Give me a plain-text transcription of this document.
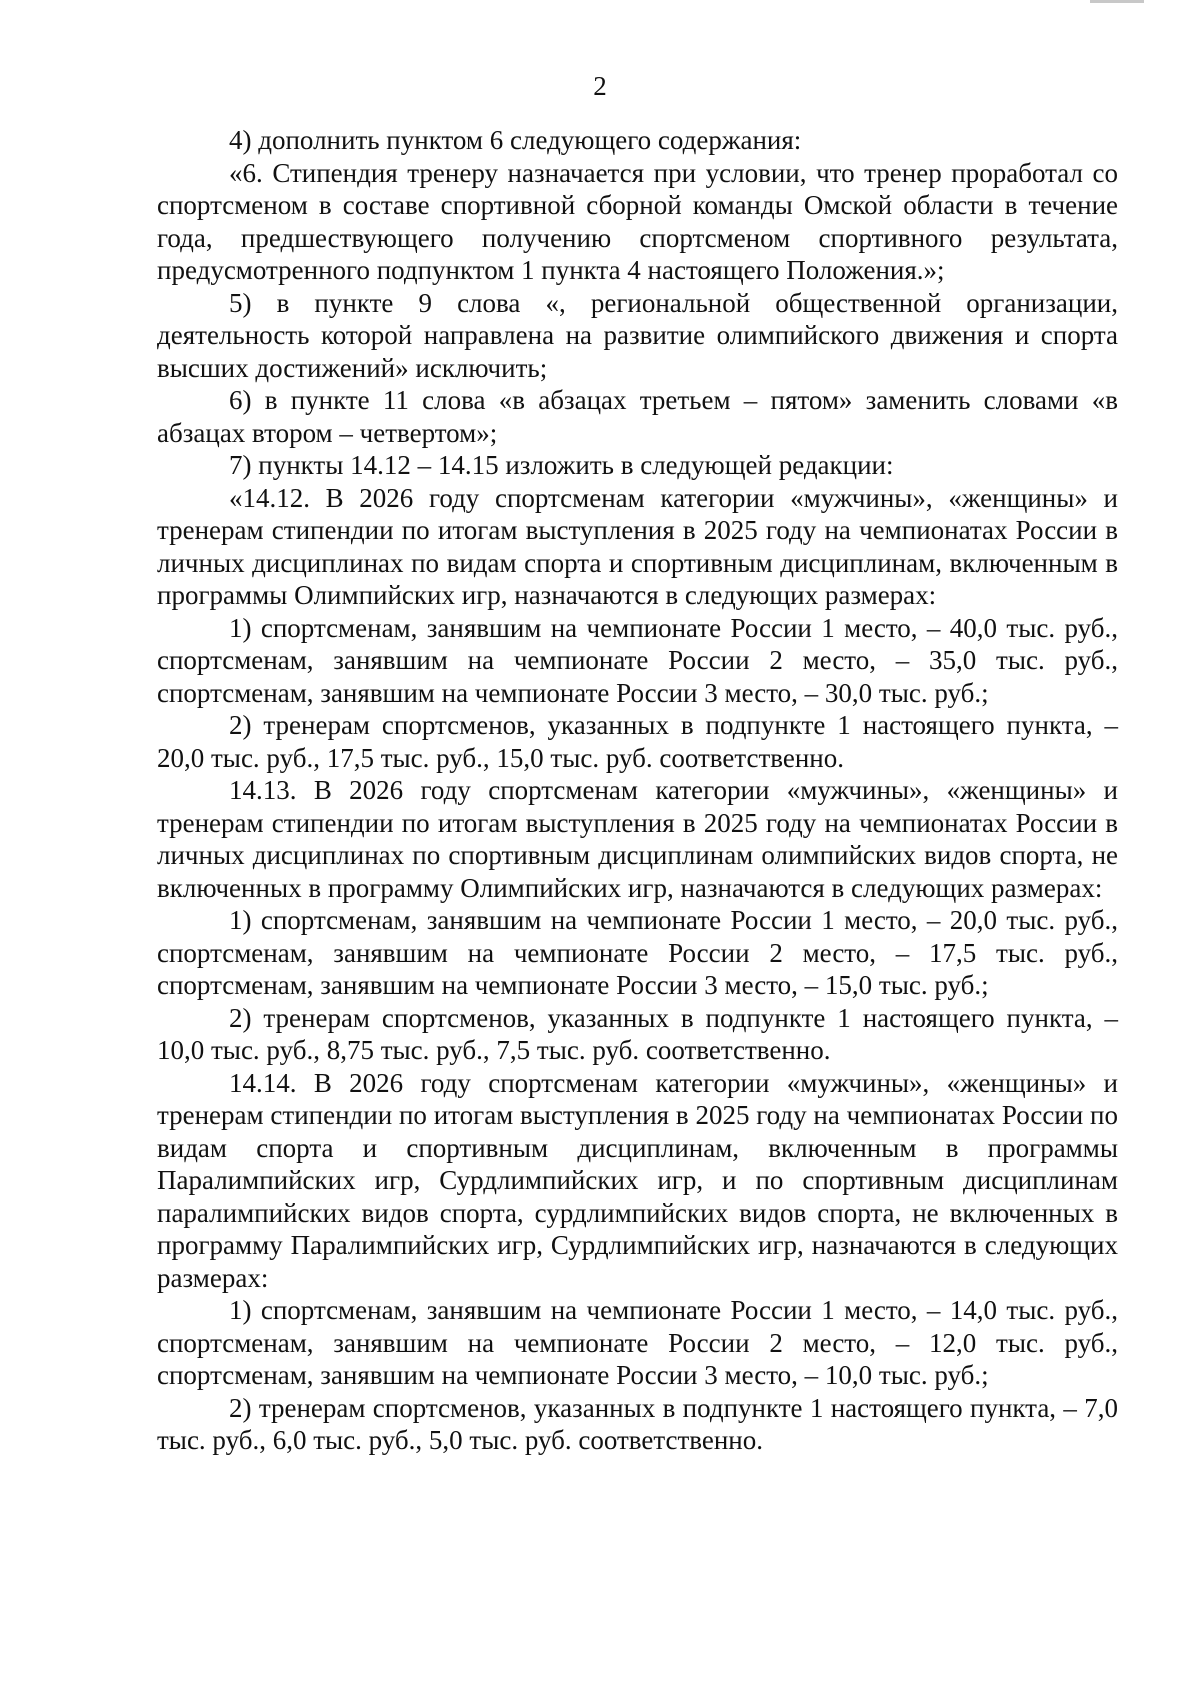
2

4) дополнить пунктом 6 следующего содержания:

«6. Стипендия тренеру назначается при условии, что тренер проработал со спортсменом в составе спортивной сборной команды Омской области в течение года, предшествующего получению спортсменом спортивного результата, предусмотренного подпунктом 1 пункта 4 настоящего Положения.»;

5) в пункте 9 слова «, региональной общественной организации, деятельность которой направлена на развитие олимпийского движения и спорта высших достижений» исключить;

6) в пункте 11 слова «в абзацах третьем – пятом» заменить словами «в абзацах втором – четвертом»;

7) пункты 14.12 – 14.15 изложить в следующей редакции:

«14.12. В 2026 году спортсменам категории «мужчины», «женщины» и тренерам стипендии по итогам выступления в 2025 году на чемпионатах России в личных дисциплинах по видам спорта и спортивным дисциплинам, включенным в программы Олимпийских игр, назначаются в следующих размерах:

1) спортсменам, занявшим на чемпионате России 1 место, – 40,0 тыс. руб., спортсменам, занявшим на чемпионате России 2 место, – 35,0 тыс. руб., спортсменам, занявшим на чемпионате России 3 место, – 30,0 тыс. руб.;

2) тренерам спортсменов, указанных в подпункте 1 настоящего пункта, – 20,0 тыс. руб., 17,5 тыс. руб., 15,0 тыс. руб. соответственно.

14.13. В 2026 году спортсменам категории «мужчины», «женщины» и тренерам стипендии по итогам выступления в 2025 году на чемпионатах России в личных дисциплинах по спортивным дисциплинам олимпийских видов спорта, не включенных в программу Олимпийских игр, назначаются в следующих размерах:

1) спортсменам, занявшим на чемпионате России 1 место, – 20,0 тыс. руб., спортсменам, занявшим на чемпионате России 2 место, – 17,5 тыс. руб., спортсменам, занявшим на чемпионате России 3 место, – 15,0 тыс. руб.;

2) тренерам спортсменов, указанных в подпункте 1 настоящего пункта, – 10,0 тыс. руб., 8,75 тыс. руб., 7,5 тыс. руб. соответственно.

14.14. В 2026 году спортсменам категории «мужчины», «женщины» и тренерам стипендии по итогам выступления в 2025 году на чемпионатах России по видам спорта и спортивным дисциплинам, включенным в программы Паралимпийских игр, Сурдлимпийских игр, и по спортивным дисциплинам паралимпийских видов спорта, сурдлимпийских видов спорта, не включенных в программу Паралимпийских игр, Сурдлимпийских игр, назначаются в следующих размерах:

1) спортсменам, занявшим на чемпионате России 1 место, – 14,0 тыс. руб., спортсменам, занявшим на чемпионате России 2 место, – 12,0 тыс. руб., спортсменам, занявшим на чемпионате России 3 место, – 10,0 тыс. руб.;

2) тренерам спортсменов, указанных в подпункте 1 настоящего пункта, – 7,0 тыс. руб., 6,0 тыс. руб., 5,0 тыс. руб. соответственно.
